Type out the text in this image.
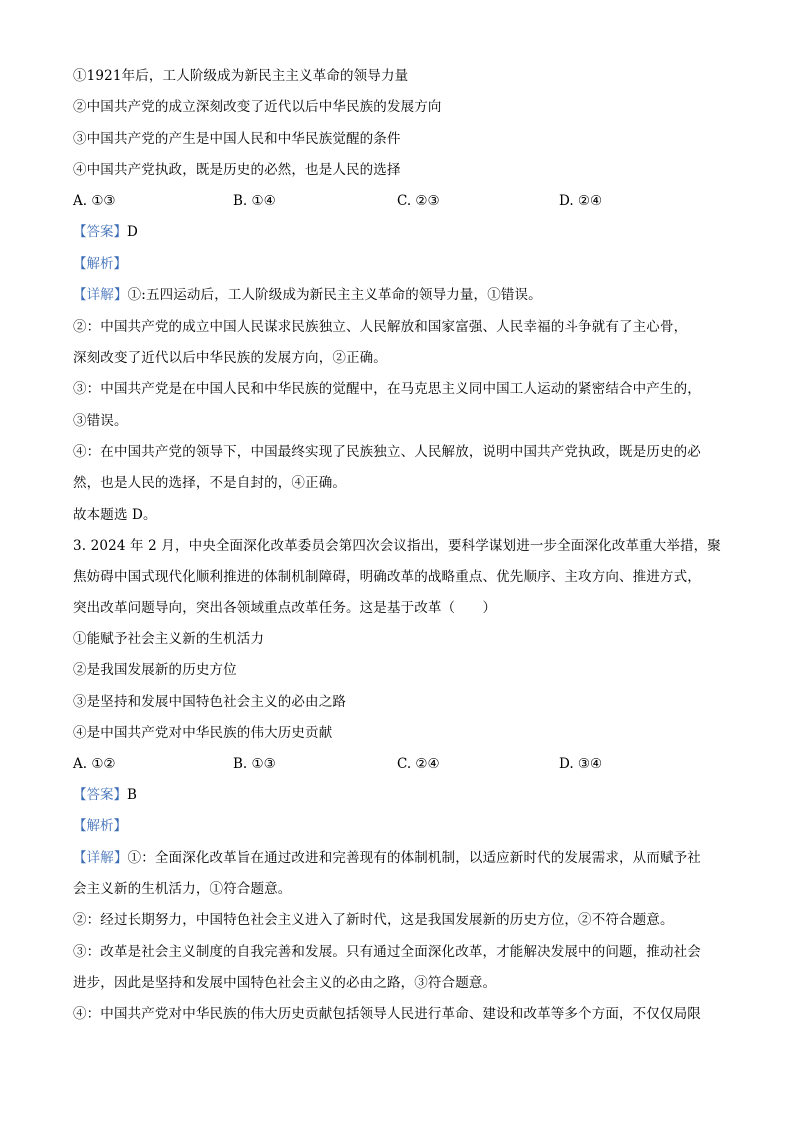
①1921年后，工人阶级成为新民主主义革命的领导力量
②中国共产党的成立深刻改变了近代以后中华民族的发展方向
③中国共产党的产生是中国人民和中华民族觉醒的条件
④中国共产党执政，既是历史的必然，也是人民的选择
A. ①③	B. ①④	C. ②③	D. ②④
【答案】D
【解析】
【详解】①:五四运动后，工人阶级成为新民主主义革命的领导力量，①错误。
②：中国共产党的成立中国人民谋求民族独立、人民解放和国家富强、人民幸福的斗争就有了主心骨，
深刻改变了近代以后中华民族的发展方向，②正确。
③：中国共产党是在中国人民和中华民族的觉醒中，在马克思主义同中国工人运动的紧密结合中产生的，
③错误。
④：在中国共产党的领导下，中国最终实现了民族独立、人民解放，说明中国共产党执政，既是历史的必
然，也是人民的选择，不是自封的，④正确。
故本题选 D。
3. 2024 年 2 月，中央全面深化改革委员会第四次会议指出，要科学谋划进一步全面深化改革重大举措，聚
焦妨碍中国式现代化顺利推进的体制机制障碍，明确改革的战略重点、优先顺序、主攻方向、推进方式，
突出改革问题导向，突出各领域重点改革任务。这是基于改革（　　）
①能赋予社会主义新的生机活力
②是我国发展新的历史方位
③是坚持和发展中国特色社会主义的必由之路
④是中国共产党对中华民族的伟大历史贡献
A. ①②	B. ①③	C. ②④	D. ③④
【答案】B
【解析】
【详解】①：全面深化改革旨在通过改进和完善现有的体制机制，以适应新时代的发展需求，从而赋予社
会主义新的生机活力，①符合题意。
②：经过长期努力，中国特色社会主义进入了新时代，这是我国发展新的历史方位，②不符合题意。
③：改革是社会主义制度的自我完善和发展。只有通过全面深化改革，才能解决发展中的问题，推动社会
进步，因此是坚持和发展中国特色社会主义的必由之路，③符合题意。
④：中国共产党对中华民族的伟大历史贡献包括领导人民进行革命、建设和改革等多个方面，不仅仅局限
